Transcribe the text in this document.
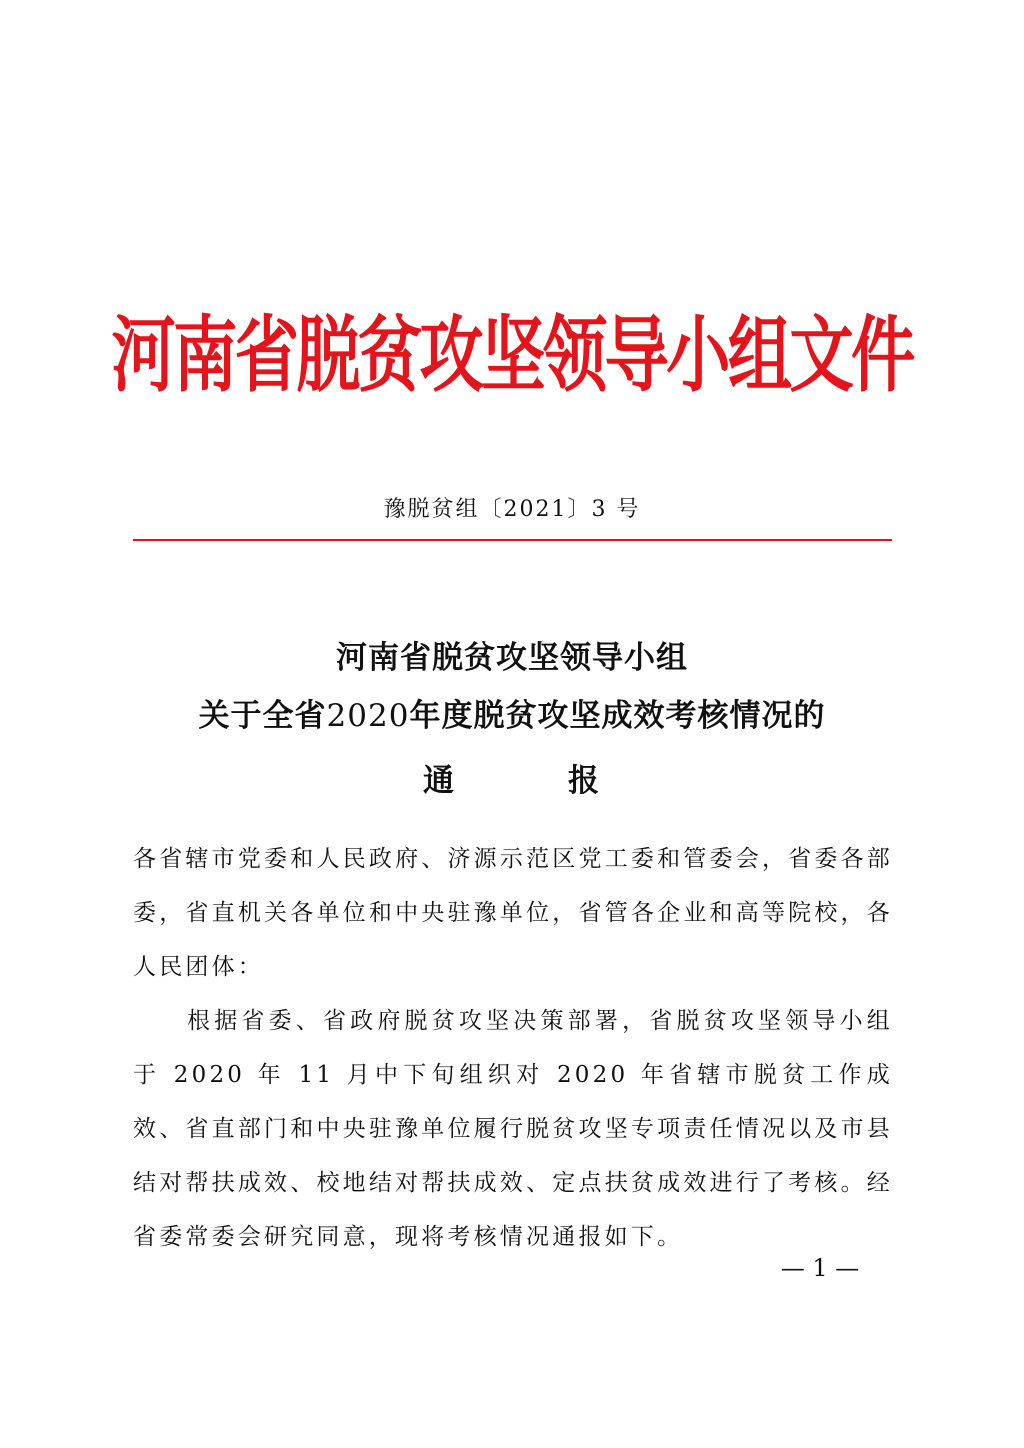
河南省脱贫攻坚领导小组文件
豫脱贫组〔2021〕3 号
河南省脱贫攻坚领导小组
关于全省2020年度脱贫攻坚成效考核情况的
通	报
各省辖市党委和人民政府、济源示范区党工委和管委会，省委各部委，省直机关各单位和中央驻豫单位，省管各企业和高等院校，各人民团体：
根据省委、省政府脱贫攻坚决策部署，省脱贫攻坚领导小组于 2020 年 11 月中下旬组织对 2020 年省辖市脱贫工作成效、省直部门和中央驻豫单位履行脱贫攻坚专项责任情况以及市县结对帮扶成效、校地结对帮扶成效、定点扶贫成效进行了考核。经省委常委会研究同意，现将考核情况通报如下。
— 1 —
